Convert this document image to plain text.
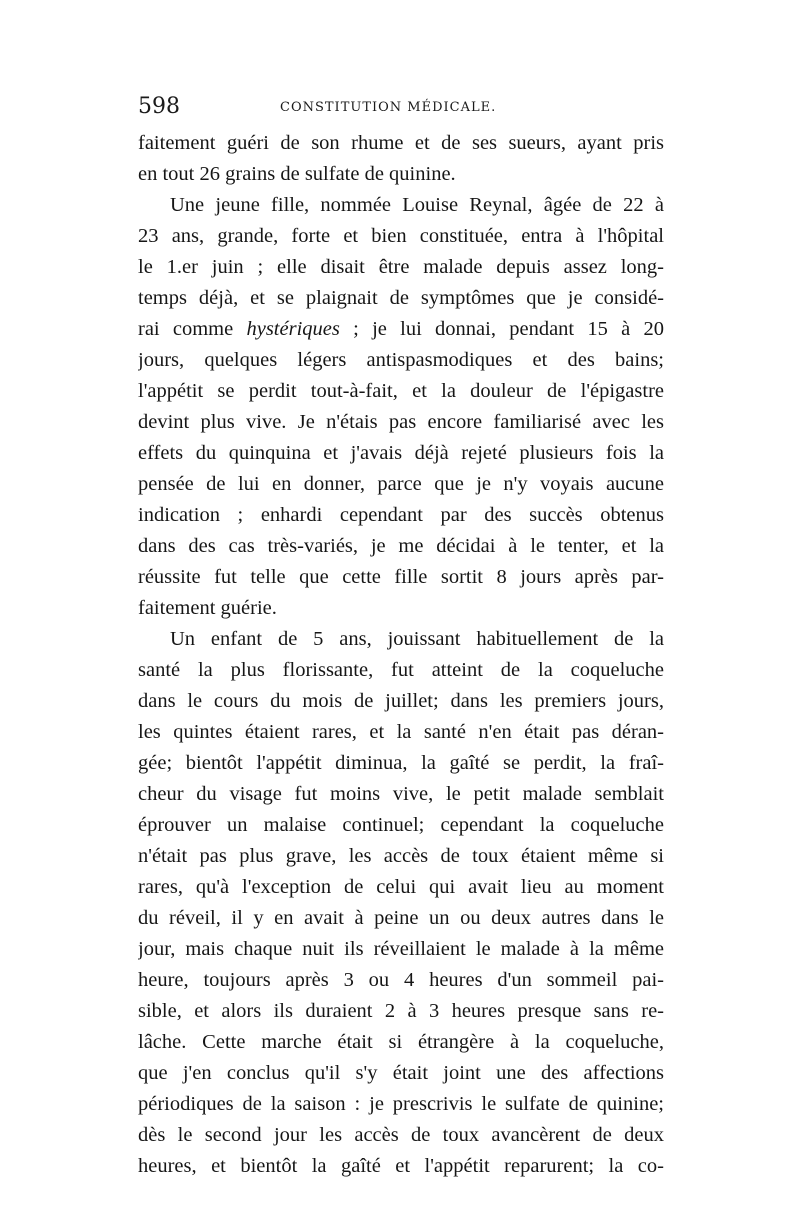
598	CONSTITUTION MÉDICALE.
faitement guéri de son rhume et de ses sueurs, ayant pris
en tout 26 grains de sulfate de quinine.
Une jeune fille, nommée Louise Reynal, âgée de 22 à
23 ans, grande, forte et bien constituée, entra à l'hôpital
le 1.er juin ; elle disait être malade depuis assez long-
temps déjà, et se plaignait de symptômes que je considé-
rai comme hystériques ; je lui donnai, pendant 15 à 20
jours, quelques légers antispasmodiques et des bains;
l'appétit se perdit tout-à-fait, et la douleur de l'épigastre
devint plus vive. Je n'étais pas encore familiarisé avec les
effets du quinquina et j'avais déjà rejeté plusieurs fois la
pensée de lui en donner, parce que je n'y voyais aucune
indication ; enhardi cependant par des succès obtenus
dans des cas très-variés, je me décidai à le tenter, et la
réussite fut telle que cette fille sortit 8 jours après par-
faitement guérie.
Un enfant de 5 ans, jouissant habituellement de la
santé la plus florissante, fut atteint de la coqueluche
dans le cours du mois de juillet; dans les premiers jours,
les quintes étaient rares, et la santé n'en était pas déran-
gée; bientôt l'appétit diminua, la gaîté se perdit, la fraî-
cheur du visage fut moins vive, le petit malade semblait
éprouver un malaise continuel; cependant la coqueluche
n'était pas plus grave, les accès de toux étaient même si
rares, qu'à l'exception de celui qui avait lieu au moment
du réveil, il y en avait à peine un ou deux autres dans le
jour, mais chaque nuit ils réveillaient le malade à la même
heure, toujours après 3 ou 4 heures d'un sommeil pai-
sible, et alors ils duraient 2 à 3 heures presque sans re-
lâche. Cette marche était si étrangère à la coqueluche,
que j'en conclus qu'il s'y était joint une des affections
périodiques de la saison : je prescrivis le sulfate de quinine;
dès le second jour les accès de toux avancèrent de deux
heures, et bientôt la gaîté et l'appétit reparurent; la co-
